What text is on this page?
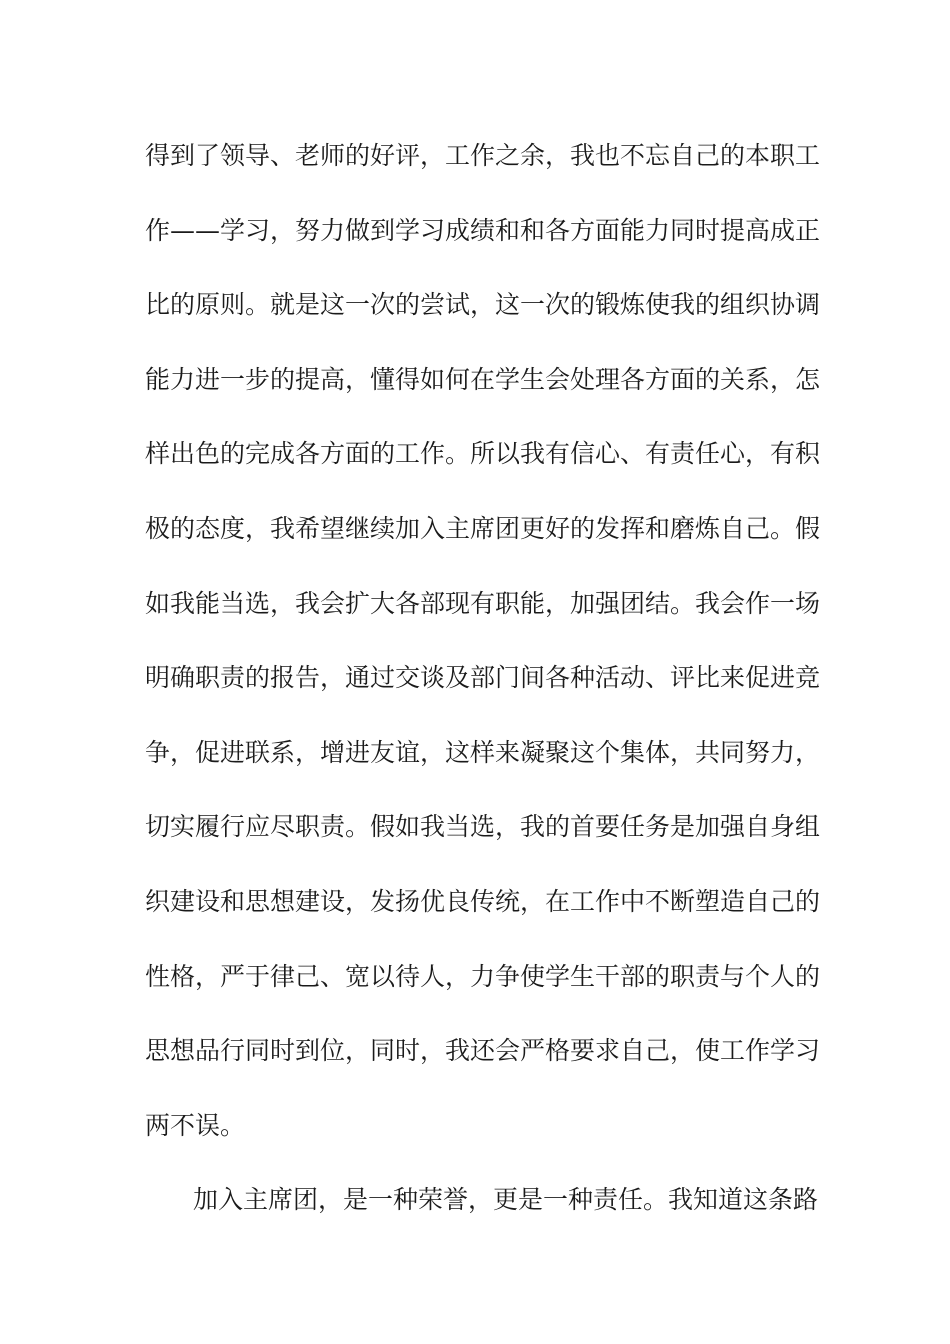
得到了领导、老师的好评，工作之余，我也不忘自己的本职工
作——学习，努力做到学习成绩和和各方面能力同时提高成正
比的原则。就是这一次的尝试，这一次的锻炼使我的组织协调
能力进一步的提高，懂得如何在学生会处理各方面的关系，怎
样出色的完成各方面的工作。所以我有信心、有责任心，有积
极的态度，我希望继续加入主席团更好的发挥和磨炼自己。假
如我能当选，我会扩大各部现有职能，加强团结。我会作一场
明确职责的报告，通过交谈及部门间各种活动、评比来促进竞
争，促进联系，增进友谊，这样来凝聚这个集体，共同努力，
切实履行应尽职责。假如我当选，我的首要任务是加强自身组
织建设和思想建设，发扬优良传统，在工作中不断塑造自己的
性格，严于律己、宽以待人，力争使学生干部的职责与个人的
思想品行同时到位，同时，我还会严格要求自己，使工作学习
两不误。
加入主席团，是一种荣誉，更是一种责任。我知道这条路
